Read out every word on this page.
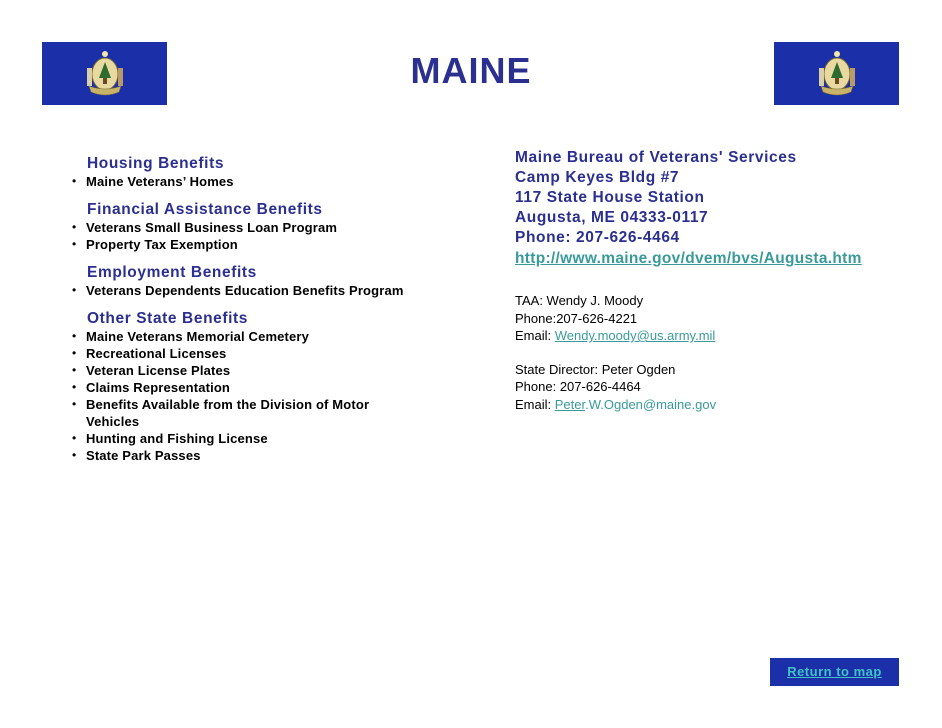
MAINE
Housing Benefits
• Maine Veterans’ Homes
Financial Assistance Benefits
• Veterans Small Business Loan Program
• Property Tax Exemption
Employment Benefits
• Veterans Dependents Education Benefits Program
Other State Benefits
• Maine Veterans Memorial Cemetery
• Recreational Licenses
• Veteran License Plates
• Claims Representation
• Benefits Available from the Division of Motor Vehicles
• Hunting and Fishing License
• State Park Passes
Maine Bureau of Veterans' Services
Camp Keyes Bldg #7
117 State House Station
Augusta, ME 04333-0117
Phone: 207-626-4464
http://www.maine.gov/dvem/bvs/Augusta.htm
TAA: Wendy J. Moody
Phone:207-626-4221
Email: Wendy.moody@us.army.mil
State Director: Peter Ogden
Phone: 207-626-4464
Email: Peter.W.Ogden@maine.gov
Return to map
